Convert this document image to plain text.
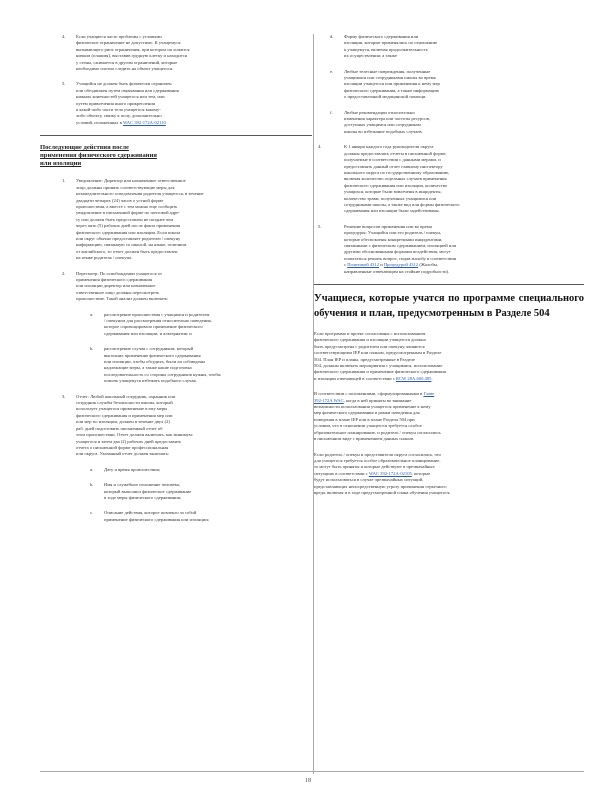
4. Если учащиеся часто проблемы с угловыми
физическое ограничение не допустимо. К учащемуся
вызывающего риск ограничения, при котором он ложится
ничком (плашмя), выставив грудную клетку и находится
у стены, сжимается в другим ограничений, которые
необходимо плотно следить на объект учащегося.
5. Учащийся не должен быть физически ограничен
или обездвижен путем связывания или сдерживания
нижних конечностей учащегося или тем, или
путем привлечения иного прикрепления
к какой-либо части тела учащегося какому-
либо объекту, связку к полу, дополнительно
условий, изложенных в WAC 392-172A-02110
Последующие действия после
применения физического сдерживания
или изоляции
1. Уведомление: Директор или назначенное ответственное
лицо должны принять соответствующие меры для
незамедлительного осведомления родителя учащегося, в течение
двадцати четырех (24) часов о устной форме
происшествия, а вместе с тем можно еще сообщить
увидомление в письменной форме по почтовой адре-
су или должен быть предоставлен не позднее чем
через пять (5) рабочих дней после факта применения
физического сдерживания или изоляции. Если школа
или округ обычно предоставляет родителю / опекуну
информацию, связанную со школой, на языке, отличном
от английского, то отчет должен быть предоставлен
на языке родителя / опекуна.
2. Пересмотр: По освобождении учащегося от
применения физического сдерживания
или изоляции директор или назначенное
ответственное лицо должны пересмотреть
происшествие. Такой анализ должен включать:
a. рассмотрение происшествия с учащимся и родителем
/ опекуном для рассмотрения относительно поведения,
которое спровоцировало применение физического
сдерживания или изоляции, и альтернатив; и
b. рассмотрение случая с сотрудником, который
выполнил применение физического сдерживания
или изоляции, чтобы обсудить, были ли соблюдены
надлежащие меры, а также какие подготовка
последовательность со стороны сотрудников нужны, чтобы
помочь учащемуся избежать подобного случая.
3. Отчет: Любой школьный сотрудник, охранник или
сотрудник службы безопасности школы, который
использует учащегося применение в ему меры
физического сдерживания и применения мер или
или мер по изоляции, должен в течение двух (2)
раб. дней подготовить письменный отчет об
этом происшествии. Отчет должен включать, как минимум:
учащегося и затем два (2) рабочих дней предоставить
отчета о письменной форме профессиональная
или округа. Указанный отчет должен включать:
a. Дату и время происшествия;
b. Имя и служебное положение человека,
который выполнил физическое сдерживание
в ходе меры физического сдерживания;
c. Описание действия, которое повлекло за собой
применение физического сдерживания или изоляции;
d. Форму физического сдерживания или
изоляции, которые применялись по отношению
к учащемуся, включая продолжительность
их осуществления; а также
e. Любые телесные повреждения, полученные
учащимися или сотрудниками школы во время
изоляции учащегося или применения к нему мер
физического сдерживания, а также информацию
о предоставленной медицинской помощи.
f. Любые рекомендации относительно
изменения характера или частоты ресурсов,
доступных учащимся или сотрудникам
школы во избежание подобных случаев.
4.	К 1 января каждого года руководители округа
должны предоставлять отчеты в письменной форме,
получаемые в соответствии с данными мерами, и
предоставлять данный отчет главному инспектору
школьного округа по государственному образованию,
включая количество отдельных случаев применения
физического сдерживания или изоляции, количество
учащихся, которые были вовлечены в инциденты,
количество травм, полученных учащимися или
сотрудниками школы, а также вид или формы физического
сдерживания или изоляции были задействованы.
5.	Решение вопросов применения или во время
процедуры: Учащийся или его родитель / опекун,
которые обеспокоены конкретными инцидентами,
связанными с физическим сдерживанием, изоляцией или
другими обоснованными формами воздействия, могут
попытаться решить вопрос, подав жалобу в соответствии
с Политикой 4312 и Процедурой 4312 (Жалобы,
направленные отвечающим на стойкие подробности).
Учащиеся, которые учатся по программе специального обучения и план, предусмотренным в Разделе 504
Если программа и проект согласованы с использованием
физического сдерживания и изоляции учащегося должна
быть предусмотрена с родителем или опекуну, являются
соответствующими IEP или планом, предусмотренным в Разделе
504. План IEP и планы, предусмотренные в Разделе
504, должны включать мероприятия с учащимися, использование
физического сдерживания и применение физического сдерживания
и изоляции отвечающей в соответствии с RCW 28A.600.485.
В соответствии с положениями, сформулированными в Главе
392-172A WAC, когда в ней приняты во внимание
возможности использования учащегося применение к нему
мер физического сдерживания и рамки поведения для
поведения в плане IEP или в плане Раздела 504 при
условии, что в отношении учащегося требуется особое
образовательное планирование, и родитель / опекун согласились
в письменном виде с применением данных планов.
Если родитель / опекун и представители округа согласились, что
для учащегося требуется особое образовательное планирование,
то могут быть приняты и которые действуют в чрезвычайных
ситуациях в соответствии с WAC 392-172A-02105, которые
будут использоваться в случае чрезвычайных ситуаций,
представляющих непосредственную угрозу причинения серьезного
вреда, включая и в ходе предусмотренной плана обучения учащегося.
18
